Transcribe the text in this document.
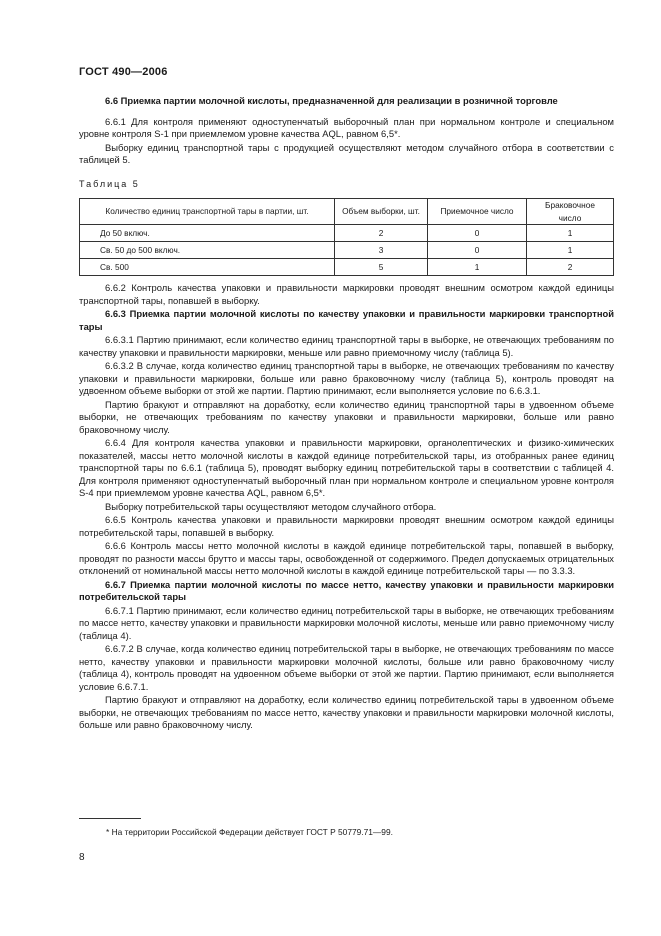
ГОСТ 490—2006

6.6 Приемка партии молочной кислоты, предназначенной для реализации в розничной торговле

6.6.1 Для контроля применяют одноступенчатый выборочный план при нормальном контроле и специальном уровне контроля S-1 при приемлемом уровне качества AQL, равном 6,5*.

Выборку единиц транспортной тары с продукцией осуществляют методом случайного отбора в соответствии с таблицей 5.

Таблица 5
Количество единиц транспортной тары в партии, шт.	Объем выборки, шт.	Приемочное число	Браковочное число
До 50 включ.	2	0	1
Св. 50 до 500 включ.	3	0	1
Св. 500	5	1	2

6.6.2 Контроль качества упаковки и правильности маркировки проводят внешним осмотром каждой единицы транспортной тары, попавшей в выборку.

6.6.3 Приемка партии молочной кислоты по качеству упаковки и правильности маркировки транспортной тары

6.6.3.1 Партию принимают, если количество единиц транспортной тары в выборке, не отвечающих требованиям по качеству упаковки и правильности маркировки, меньше или равно приемочному числу (таблица 5).

6.6.3.2 В случае, когда количество единиц транспортной тары в выборке, не отвечающих требованиям по качеству упаковки и правильности маркировки, больше или равно браковочному числу (таблица 5), контроль проводят на удвоенном объеме выборки от этой же партии. Партию принимают, если выполняется условие по 6.6.3.1.

Партию бракуют и отправляют на доработку, если количество единиц транспортной тары в удвоенном объеме выборки, не отвечающих требованиям по качеству упаковки и правильности маркировки, больше или равно браковочному числу.

6.6.4 Для контроля качества упаковки и правильности маркировки, органолептических и физико-химических показателей, массы нетто молочной кислоты в каждой единице потребительской тары, из отобранных ранее единиц транспортной тары по 6.6.1 (таблица 5), проводят выборку единиц потребительской тары в соответствии с таблицей 4. Для контроля применяют одноступенчатый выборочный план при нормальном контроле и специальном уровне контроля S-4 при приемлемом уровне качества AQL, равном 6,5*.

Выборку потребительской тары осуществляют методом случайного отбора.

6.6.5 Контроль качества упаковки и правильности маркировки проводят внешним осмотром каждой единицы потребительской тары, попавшей в выборку.

6.6.6 Контроль массы нетто молочной кислоты в каждой единице потребительской тары, попавшей в выборку, проводят по разности массы брутто и массы тары, освобожденной от содержимого. Предел допускаемых отрицательных отклонений от номинальной массы нетто молочной кислоты в каждой единице потребительской тары — по 3.3.3.

6.6.7 Приемка партии молочной кислоты по массе нетто, качеству упаковки и правильности маркировки потребительской тары

6.6.7.1 Партию принимают, если количество единиц потребительской тары в выборке, не отвечающих требованиям по массе нетто, качеству упаковки и правильности маркировки молочной кислоты, меньше или равно приемочному числу (таблица 4).

6.6.7.2 В случае, когда количество единиц потребительской тары в выборке, не отвечающих требованиям по массе нетто, качеству упаковки и правильности маркировки молочной кислоты, больше или равно браковочному числу (таблица 4), контроль проводят на удвоенном объеме выборки от этой же партии. Партию принимают, если выполняется условие 6.6.7.1.

Партию бракуют и отправляют на доработку, если количество единиц потребительской тары в удвоенном объеме выборки, не отвечающих требованиям по массе нетто, качеству упаковки и правильности маркировки молочной кислоты, больше или равно браковочному числу.

* На территории Российской Федерации действует ГОСТ Р 50779.71—99.
8
